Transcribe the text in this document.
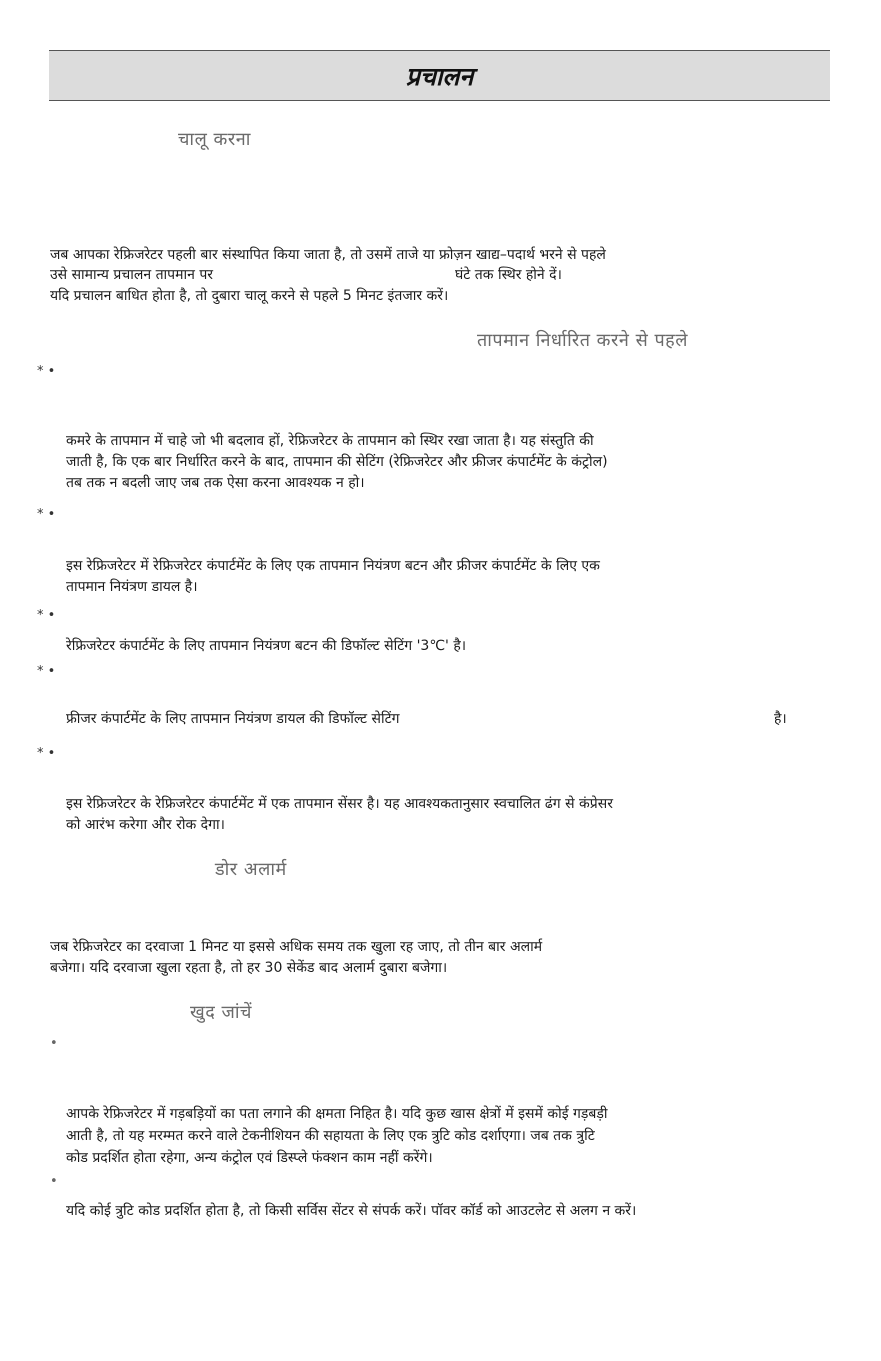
प्रचालन
चालू करना
जब आपका रेफ्रिजरेटर पहली बार संस्थापित किया जाता है, तो उसमें ताजे या फ्रोज़न खाद्य–पदार्थ भरने से पहले
उसे सामान्य प्रचालन तापमान पर	घंटे तक स्थिर होने दें।
यदि प्रचालन बाधित होता है, तो दुबारा चालू करने से पहले 5 मिनट इंतजार करें।
तापमान निर्धारित करने से पहले
* •
कमरे के तापमान में चाहे जो भी बदलाव हों, रेफ्रिजरेटर के तापमान को स्थिर रखा जाता है। यह संस्तुति की
जाती है, कि एक बार निर्धारित करने के बाद, तापमान की सेटिंग (रेफ्रिजरेटर और फ्रीजर कंपार्टमेंट के कंट्रोल)
तब तक न बदली जाए जब तक ऐसा करना आवश्यक न हो।
* •
इस रेफ्रिजरेटर में रेफ्रिजरेटर कंपार्टमेंट के लिए एक तापमान नियंत्रण बटन और फ्रीजर कंपार्टमेंट के लिए एक
तापमान नियंत्रण डायल है।
* •
रेफ्रिजरेटर कंपार्टमेंट के लिए तापमान नियंत्रण बटन की डिफॉल्ट सेटिंग '3℃' है।
* •
फ्रीजर कंपार्टमेंट के लिए तापमान नियंत्रण डायल की डिफॉल्ट सेटिंग	है।
* •
इस रेफ्रिजरेटर के रेफ्रिजरेटर कंपार्टमेंट में एक तापमान सेंसर है। यह आवश्यकतानुसार स्वचालित ढंग से कंप्रेसर
को आरंभ करेगा और रोक देगा।
डोर अलार्म
जब रेफ्रिजरेटर का दरवाजा 1 मिनट या इससे अधिक समय तक खुला रह जाए, तो तीन बार अलार्म
बजेगा। यदि दरवाजा खुला रहता है, तो हर 30 सेकेंड बाद अलार्म दुबारा बजेगा।
खुद जांचें
•
आपके रेफ्रिजरेटर में गड़बड़ियों का पता लगाने की क्षमता निहित है। यदि कुछ खास क्षेत्रों में इसमें कोई गड़बड़ी
आती है, तो यह मरम्मत करने वाले टेकनीशियन की सहायता के लिए एक त्रुटि कोड दर्शाएगा। जब तक त्रुटि
कोड प्रदर्शित होता रहेगा, अन्य कंट्रोल एवं डिस्प्ले फंक्शन काम नहीं करेंगे।
•
यदि कोई त्रुटि कोड प्रदर्शित होता है, तो किसी सर्विस सेंटर से संपर्क करें। पॉवर कॉर्ड को आउटलेट से अलग न करें।
